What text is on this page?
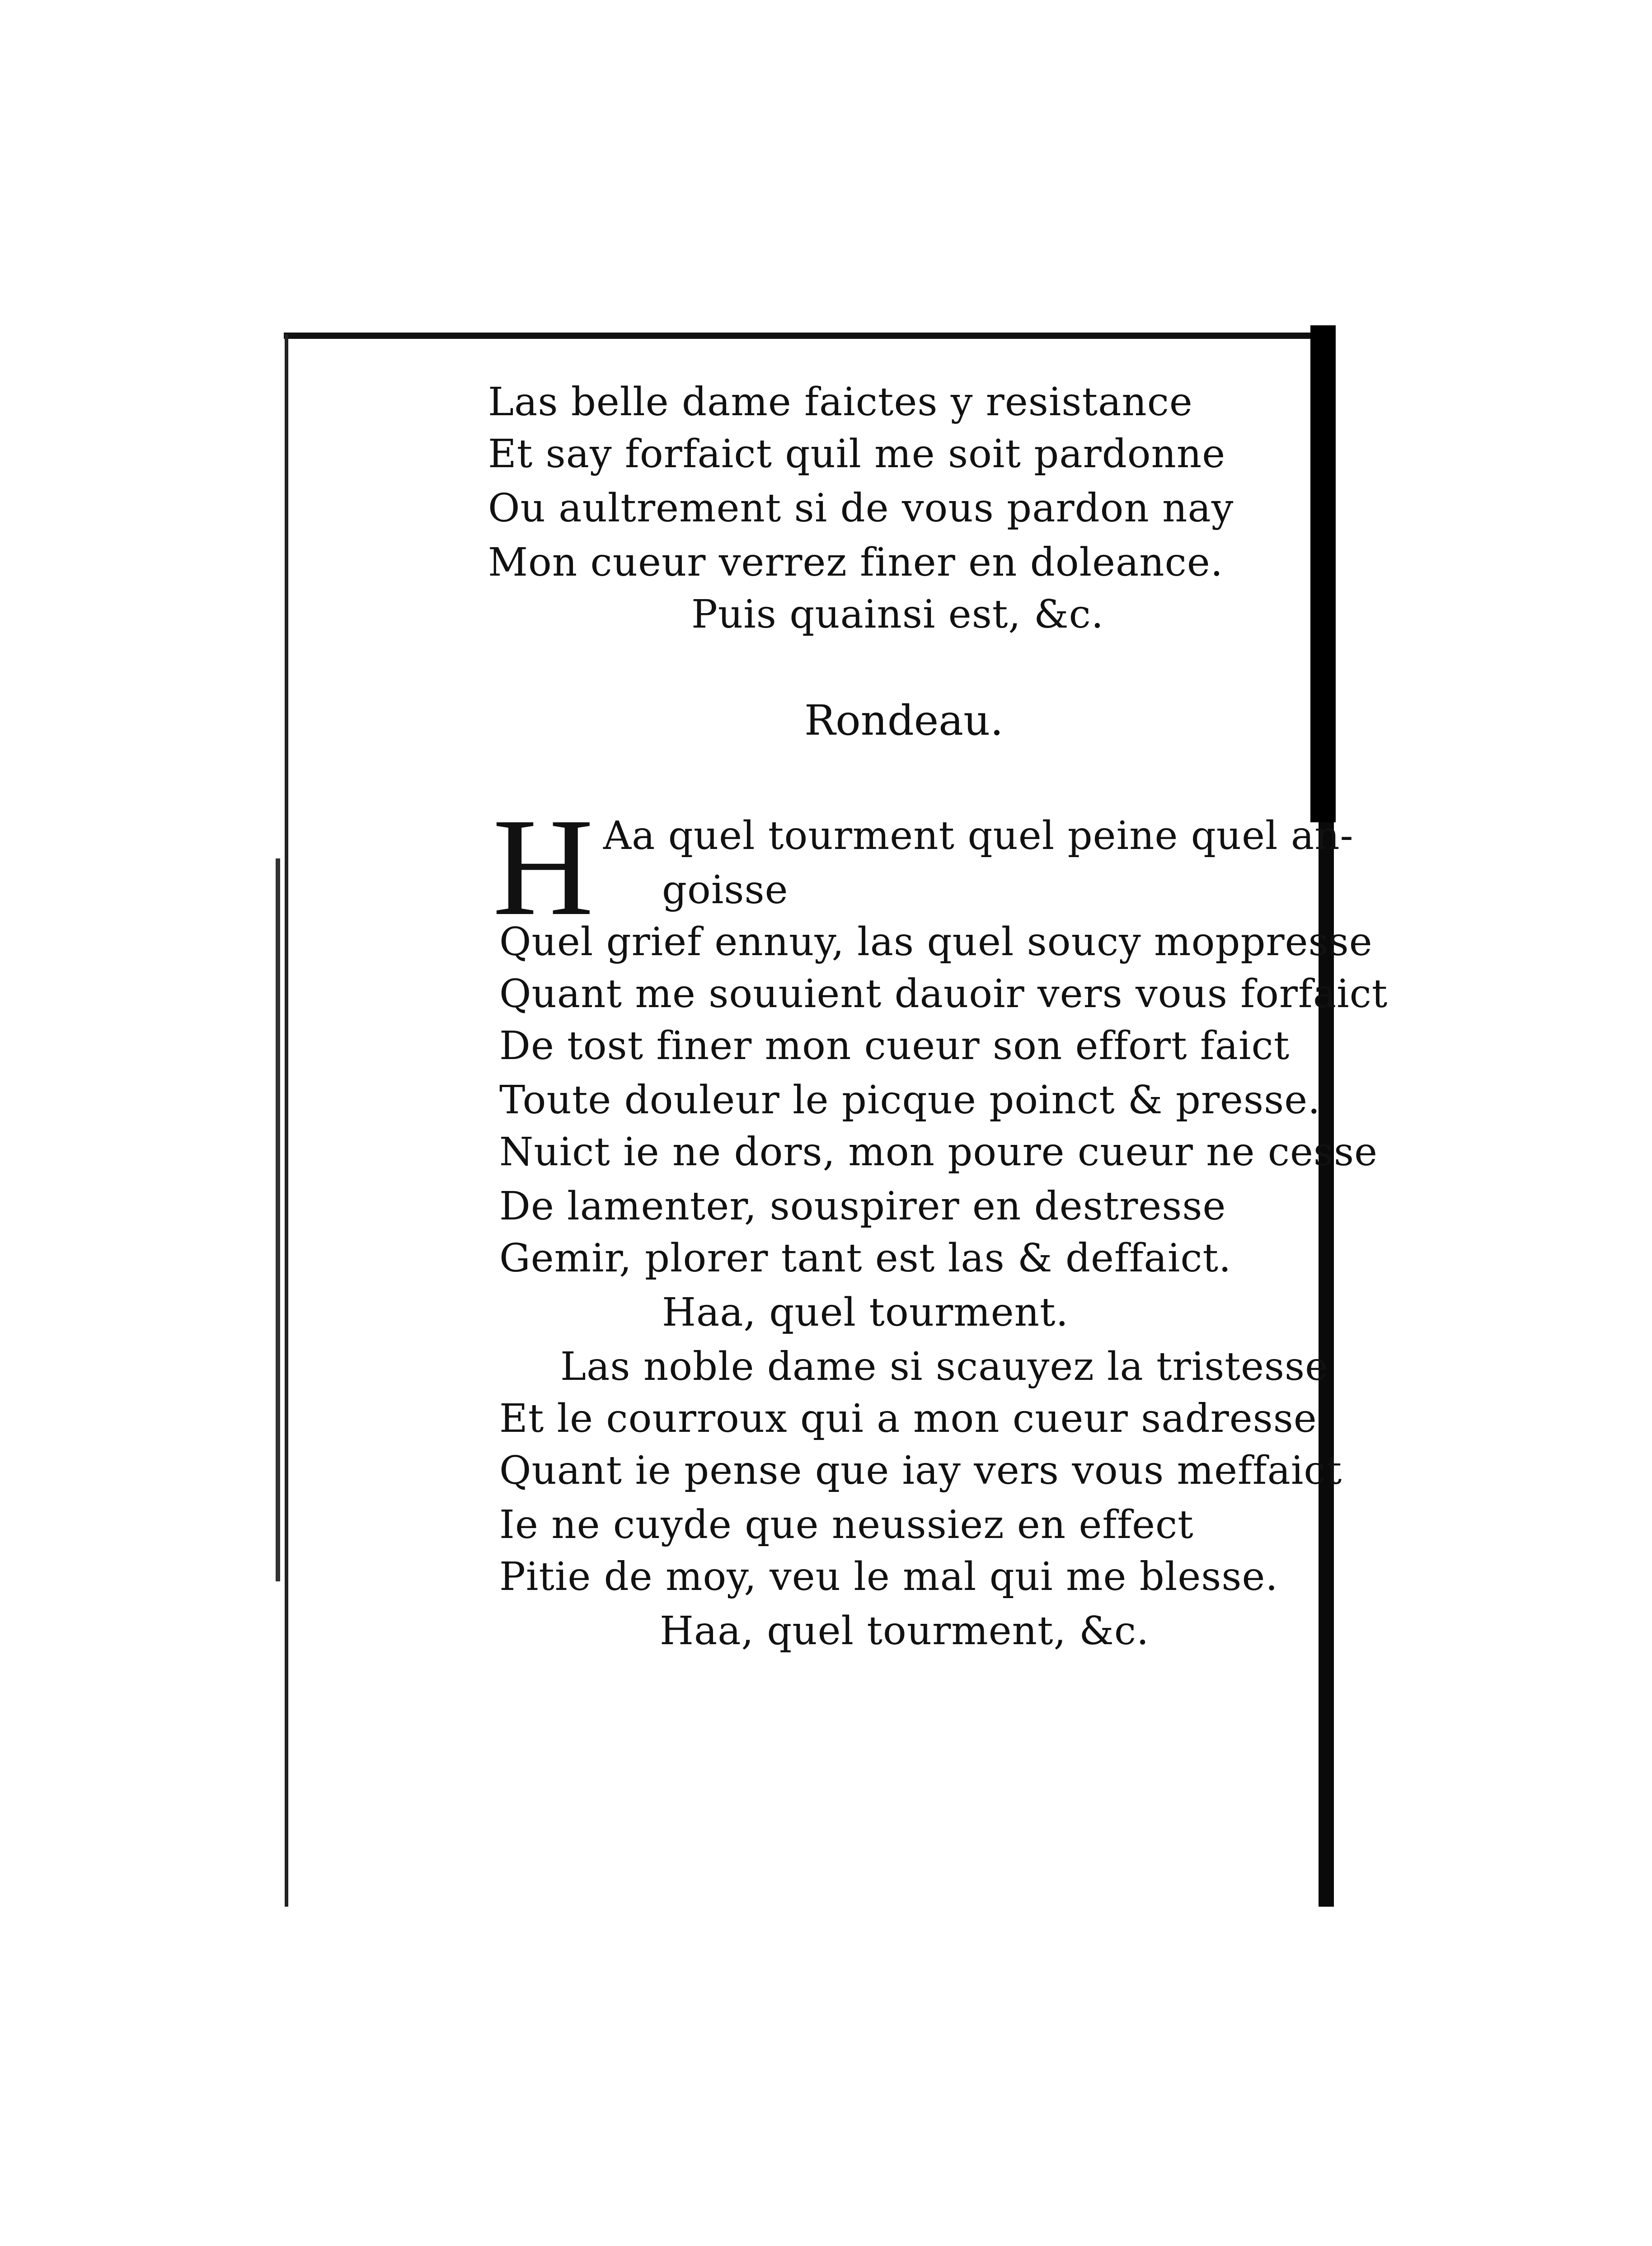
Las belle dame faictes y resistance
Et say forfaict quil me soit pardonne
Ou aultrement si de vous pardon nay
Mon cueur verrez finer en doleance.
Puis quainsi est, &c.
Rondeau.
H Aa quel tourment quel peine quel an-
goisse
Quel grief ennuy, las quel soucy moppresse
Quant me souuient dauoir vers vous forfaict
De tost finer mon cueur son effort faict
Toute douleur le picque poinct & presse.
Nuict ie ne dors, mon poure cueur ne cesse
De lamenter, souspirer en destresse
Gemir, plorer tant est las & deffaict.
Haa, quel tourment.
Las noble dame si scauyez la tristesse
Et le courroux qui a mon cueur sadresse
Quant ie pense que iay vers vous meffaict
Ie ne cuyde que neussiez en effect
Pitie de moy, veu le mal qui me blesse.
Haa, quel tourment, &c.
